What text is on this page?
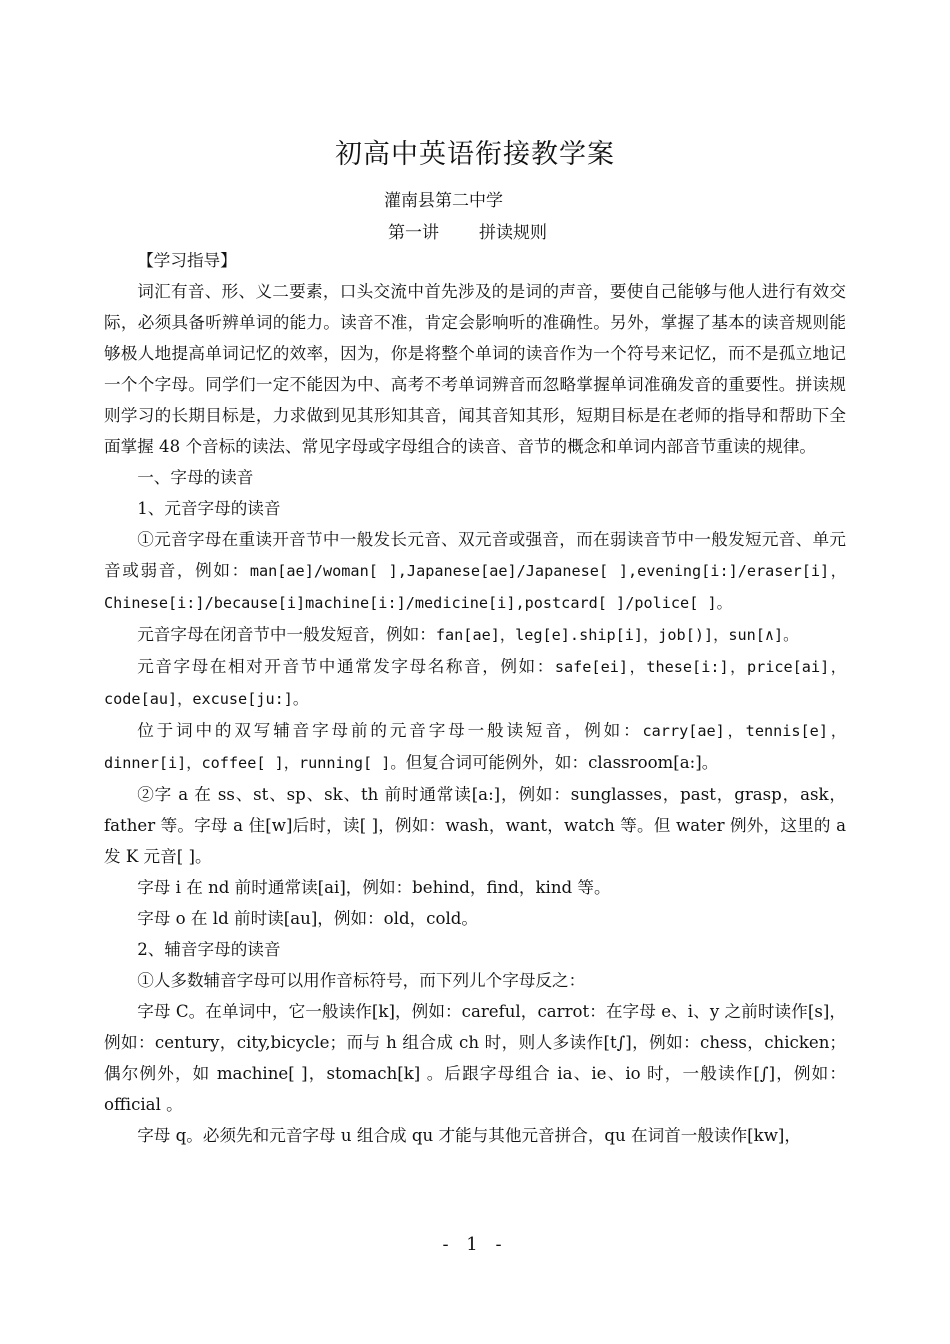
初高中英语衔接教学案
灌南县第二中学
第一讲 拼读规则

【学习指导】

词汇有音、形、义二要素，口头交流中首先涉及的是词的声音，要使自己能够与他人进行有效交际，必须具备听辨单词的能力。读音不准，肯定会影响听的准确性。另外，掌握了基本的读音规则能够极人地提高单词记忆的效率，因为，你是将整个单词的读音作为一个符号来记忆，而不是孤立地记一个个字母。同学们一定不能因为中、高考不考单词辨音而忽略掌握单词准确发音的重要性。拼读规则学习的长期目标是，力求做到见其形知其音，闻其音知其形，短期目标是在老师的指导和帮助下全面掌握 48 个音标的读法、常见字母或字母组合的读音、音节的概念和单词内部音节重读的规律。

一、字母的读音

1、元音字母的读音

①元音字母在重读开音节中一般发长元音、双元音或强音，而在弱读音节中一般发短元音、单元音或弱音，例如：man[ae]/woman[ ],Japanese[ae]/Japanese[ ],evening[i:]/eraser[i]，Chinese[i:]/because[i]machine[i:]/medicine[i],postcard[ ]/police[ ]。

元音字母在闭音节中一般发短音，例如：fan[ae]，leg[e].ship[i]，job[)]，sun[∧]。

元音字母在相对开音节中通常发字母名称音，例如：safe[ei]，these[i:]，price[ai]，code[au]，excuse[ju:]。

位于词中的双写辅音字母前的元音字母一般读短音，例如：carry[ae]，tennis[e]，dinner[i]，coffee[ ]，running[ ]。但复合词可能例外，如：classroom[a:]。

②字 a 在 ss、st、sp、sk、th 前时通常读[a:]，例如：sunglasses，past，grasp，ask，father 等。字母 a 住[w]后时，读[ ]，例如：wash，want，watch 等。但 water 例外，这里的 a 发 K 元音[ ]。

字母 i 在 nd 前时通常读[ai]，例如：behind，find，kind 等。

字母 o 在 ld 前时读[au]，例如：old，cold。

2、辅音字母的读音

①人多数辅音字母可以用作音标符号，而下列儿个字母反之：

字母 C。在单词中，它一般读作[k]，例如：careful，carrot：在字母 e、i、y 之前时读作[s]，例如：century，city,bicycle；而与 h 组合成 ch 时，则人多读作[t∫]，例如：chess，chicken；偶尔例外，如 machine[ ]，stomach[k] 。后跟字母组合 ia、ie、io 时，一般读作[∫]，例如：official 。

字母 q。必须先和元音字母 u 组合成 qu 才能与其他元音拼合，qu 在词首一般读作[kw]，

- 1 -
